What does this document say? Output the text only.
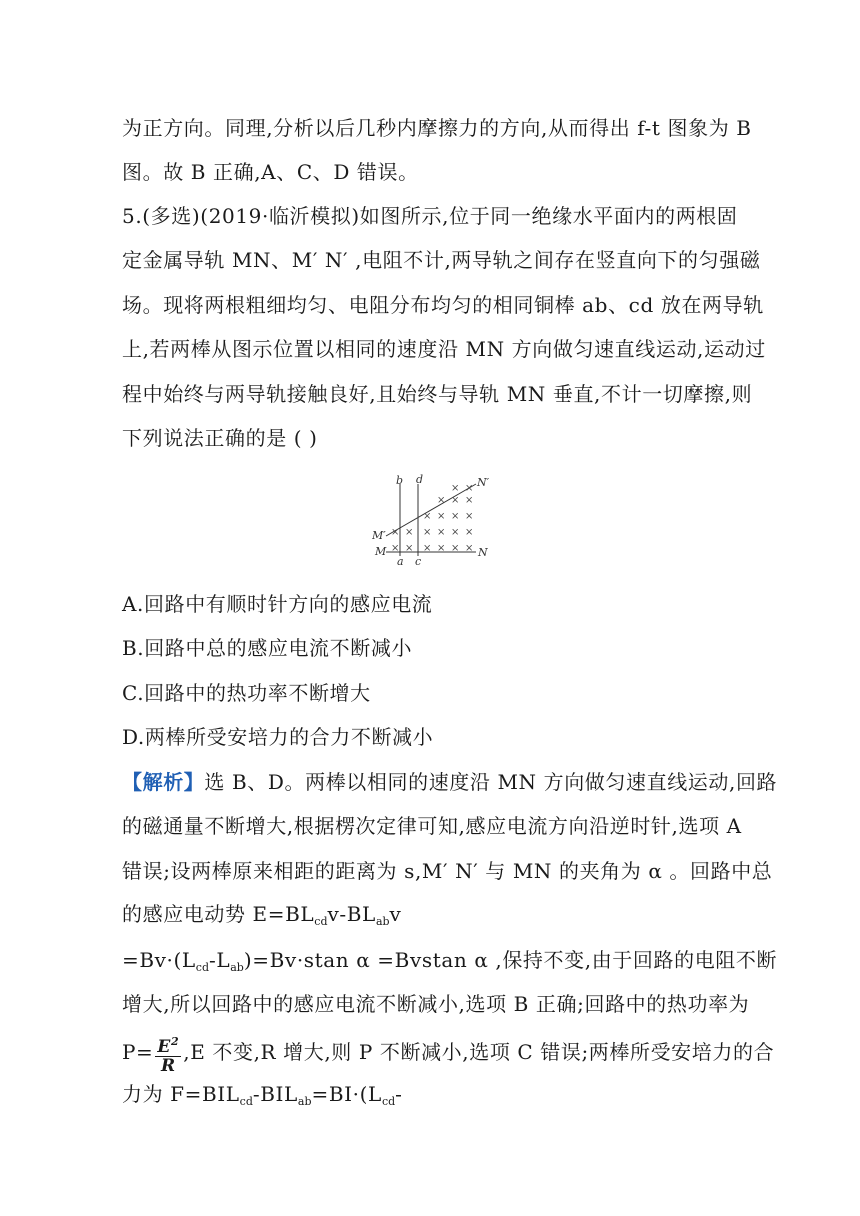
为正方向。同理,分析以后几秒内摩擦力的方向,从而得出 f-t 图象为 B
图。故 B 正确,A、C、D 错误。
5.(多选)(2019·临沂模拟)如图所示,位于同一绝缘水平面内的两根固
定金属导轨 MN、M′ N′ ,电阻不计,两导轨之间存在竖直向下的匀强磁
场。现将两根粗细均匀、电阻分布均匀的相同铜棒 ab、cd 放在两导轨
上,若两棒从图示位置以相同的速度沿 MN 方向做匀速直线运动,运动过
程中始终与两导轨接触良好,且始终与导轨 MN 垂直,不计一切摩擦,则
下列说法正确的是 ( )
b d	N′
M′
M	N
a c
× × × × × ×
× × × × × ×
× × × ×
× × ×
× ×
A.回路中有顺时针方向的感应电流
B.回路中总的感应电流不断减小
C.回路中的热功率不断增大
D.两棒所受安培力的合力不断减小
【解析】选 B、D。两棒以相同的速度沿 MN 方向做匀速直线运动,回路
的磁通量不断增大,根据楞次定律可知,感应电流方向沿逆时针,选项 A
错误;设两棒原来相距的距离为 s,M′ N′ 与 MN 的夹角为 α 。回路中总
的感应电动势 $E=BL_{cd}v-BL_{ab}v$
$=Bv\cdot(L_{cd}-L_{ab})=Bv\cdot stan$ α =Bvstan α ,保持不变,由于回路的电阻不断
增大,所以回路中的感应电流不断减小,选项 B 正确;回路中的热功率为
$P= \frac{E^2}{R} ,E$ 不变,R 增大,则 P 不断减小,选项 C 错误;两棒所受安培力的合
力为 $F=BIL_{cd}-BIL_{ab}=BI\cdot(L_{cd}-$
